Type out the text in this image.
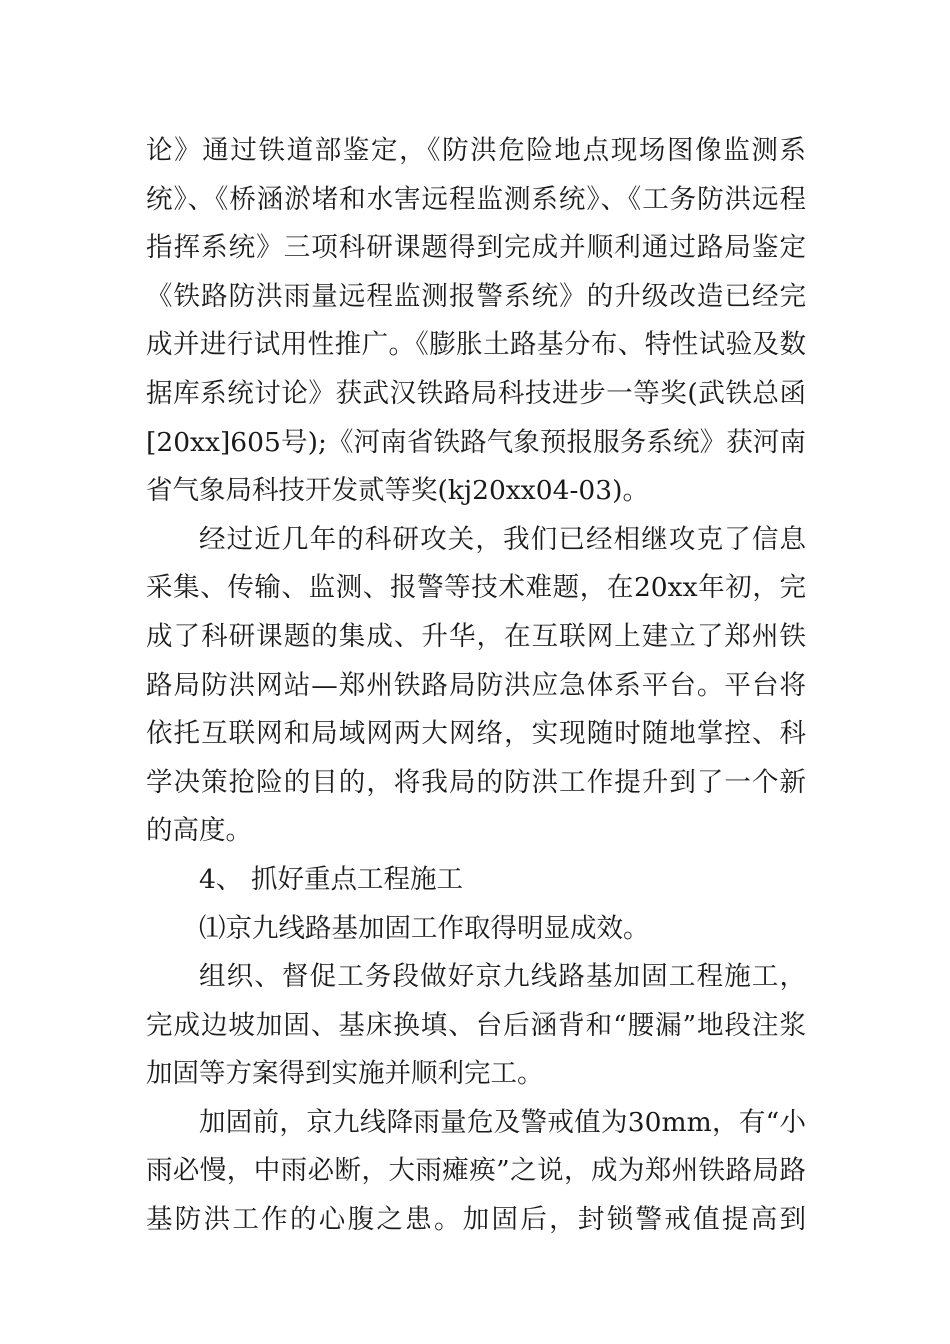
论》通过铁道部鉴定，《防洪危险地点现场图像监测系统》、《桥涵淤堵和水害远程监测系统》、《工务防洪远程指挥系统》三项科研课题得到完成并顺利通过路局鉴定《铁路防洪雨量远程监测报警系统》的升级改造已经完成并进行试用性推广。《膨胀土路基分布、特性试验及数据库系统讨论》获武汉铁路局科技进步一等奖(武铁总函[20xx]605号);《河南省铁路气象预报服务系统》获河南省气象局科技开发贰等奖(kj20xx04-03)。

经过近几年的科研攻关，我们已经相继攻克了信息采集、传输、监测、报警等技术难题，在20xx年初，完成了科研课题的集成、升华，在互联网上建立了郑州铁路局防洪网站—郑州铁路局防洪应急体系平台。平台将依托互联网和局域网两大网络，实现随时随地掌控、科学决策抢险的目的，将我局的防洪工作提升到了一个新的高度。

4、 抓好重点工程施工

⑴京九线路基加固工作取得明显成效。

组织、督促工务段做好京九线路基加固工程施工，完成边坡加固、基床换填、台后涵背和“腰漏”地段注浆加固等方案得到实施并顺利完工。

加固前，京九线降雨量危及警戒值为30mm，有“小雨必慢，中雨必断，大雨瘫痪”之说，成为郑州铁路局路基防洪工作的心腹之患。加固后，封锁警戒值提高到
